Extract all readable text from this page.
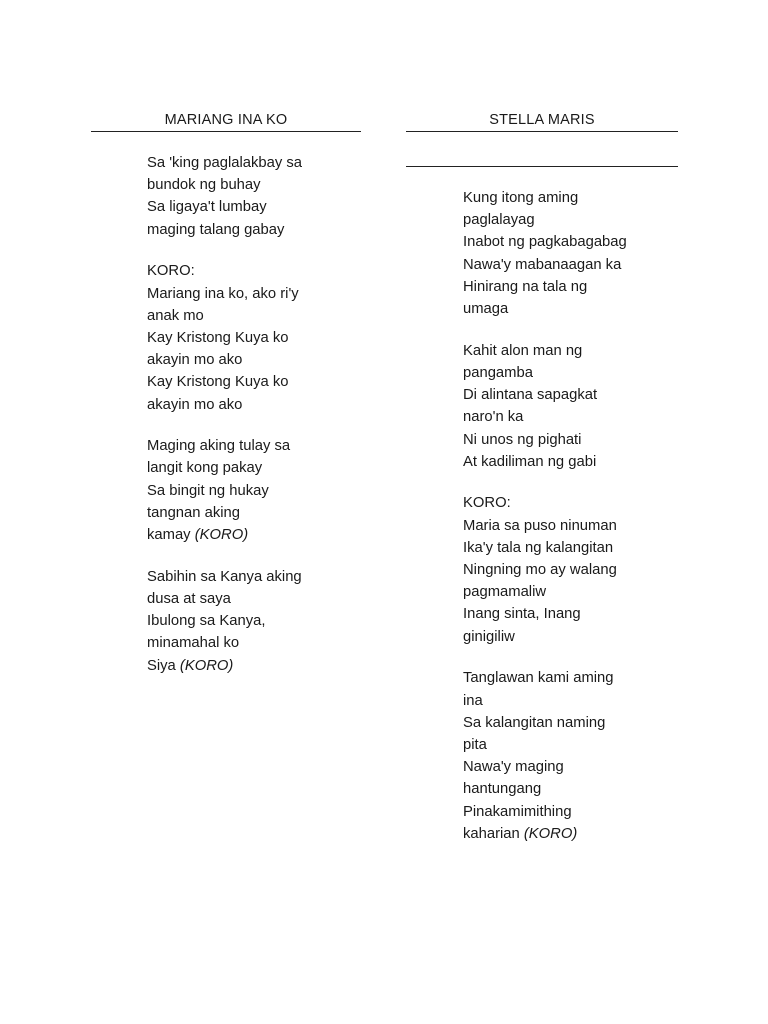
MARIANG INA KO
Sa 'king paglalakbay sa
bundok ng buhay
Sa ligaya't lumbay
maging talang gabay
KORO:
Mariang ina ko, ako ri'y
anak mo
Kay Kristong Kuya ko
akayin mo ako
Kay Kristong Kuya ko
akayin mo ako
Maging aking tulay sa
langit kong pakay
Sa bingit ng hukay
tangnan aking
kamay (KORO)
Sabihin sa Kanya aking
dusa at saya
Ibulong sa Kanya,
minamahal ko
Siya (KORO)
STELLA MARIS
Kung itong aming
paglalayag
Inabot ng pagkabagabag
Nawa'y mabanaagan ka
Hinirang na tala ng
umaga
Kahit alon man ng
pangamba
Di alintana sapagkat
naro'n ka
Ni unos ng pighati
At kadiliman ng gabi
KORO:
Maria sa puso ninuman
Ika'y tala ng kalangitan
Ningning mo ay walang
pagmamaliw
Inang sinta, Inang
ginigiliw
Tanglawan kami aming
ina
Sa kalangitan naming
pita
Nawa'y maging
hantungang
Pinakamimithing
kaharian (KORO)
